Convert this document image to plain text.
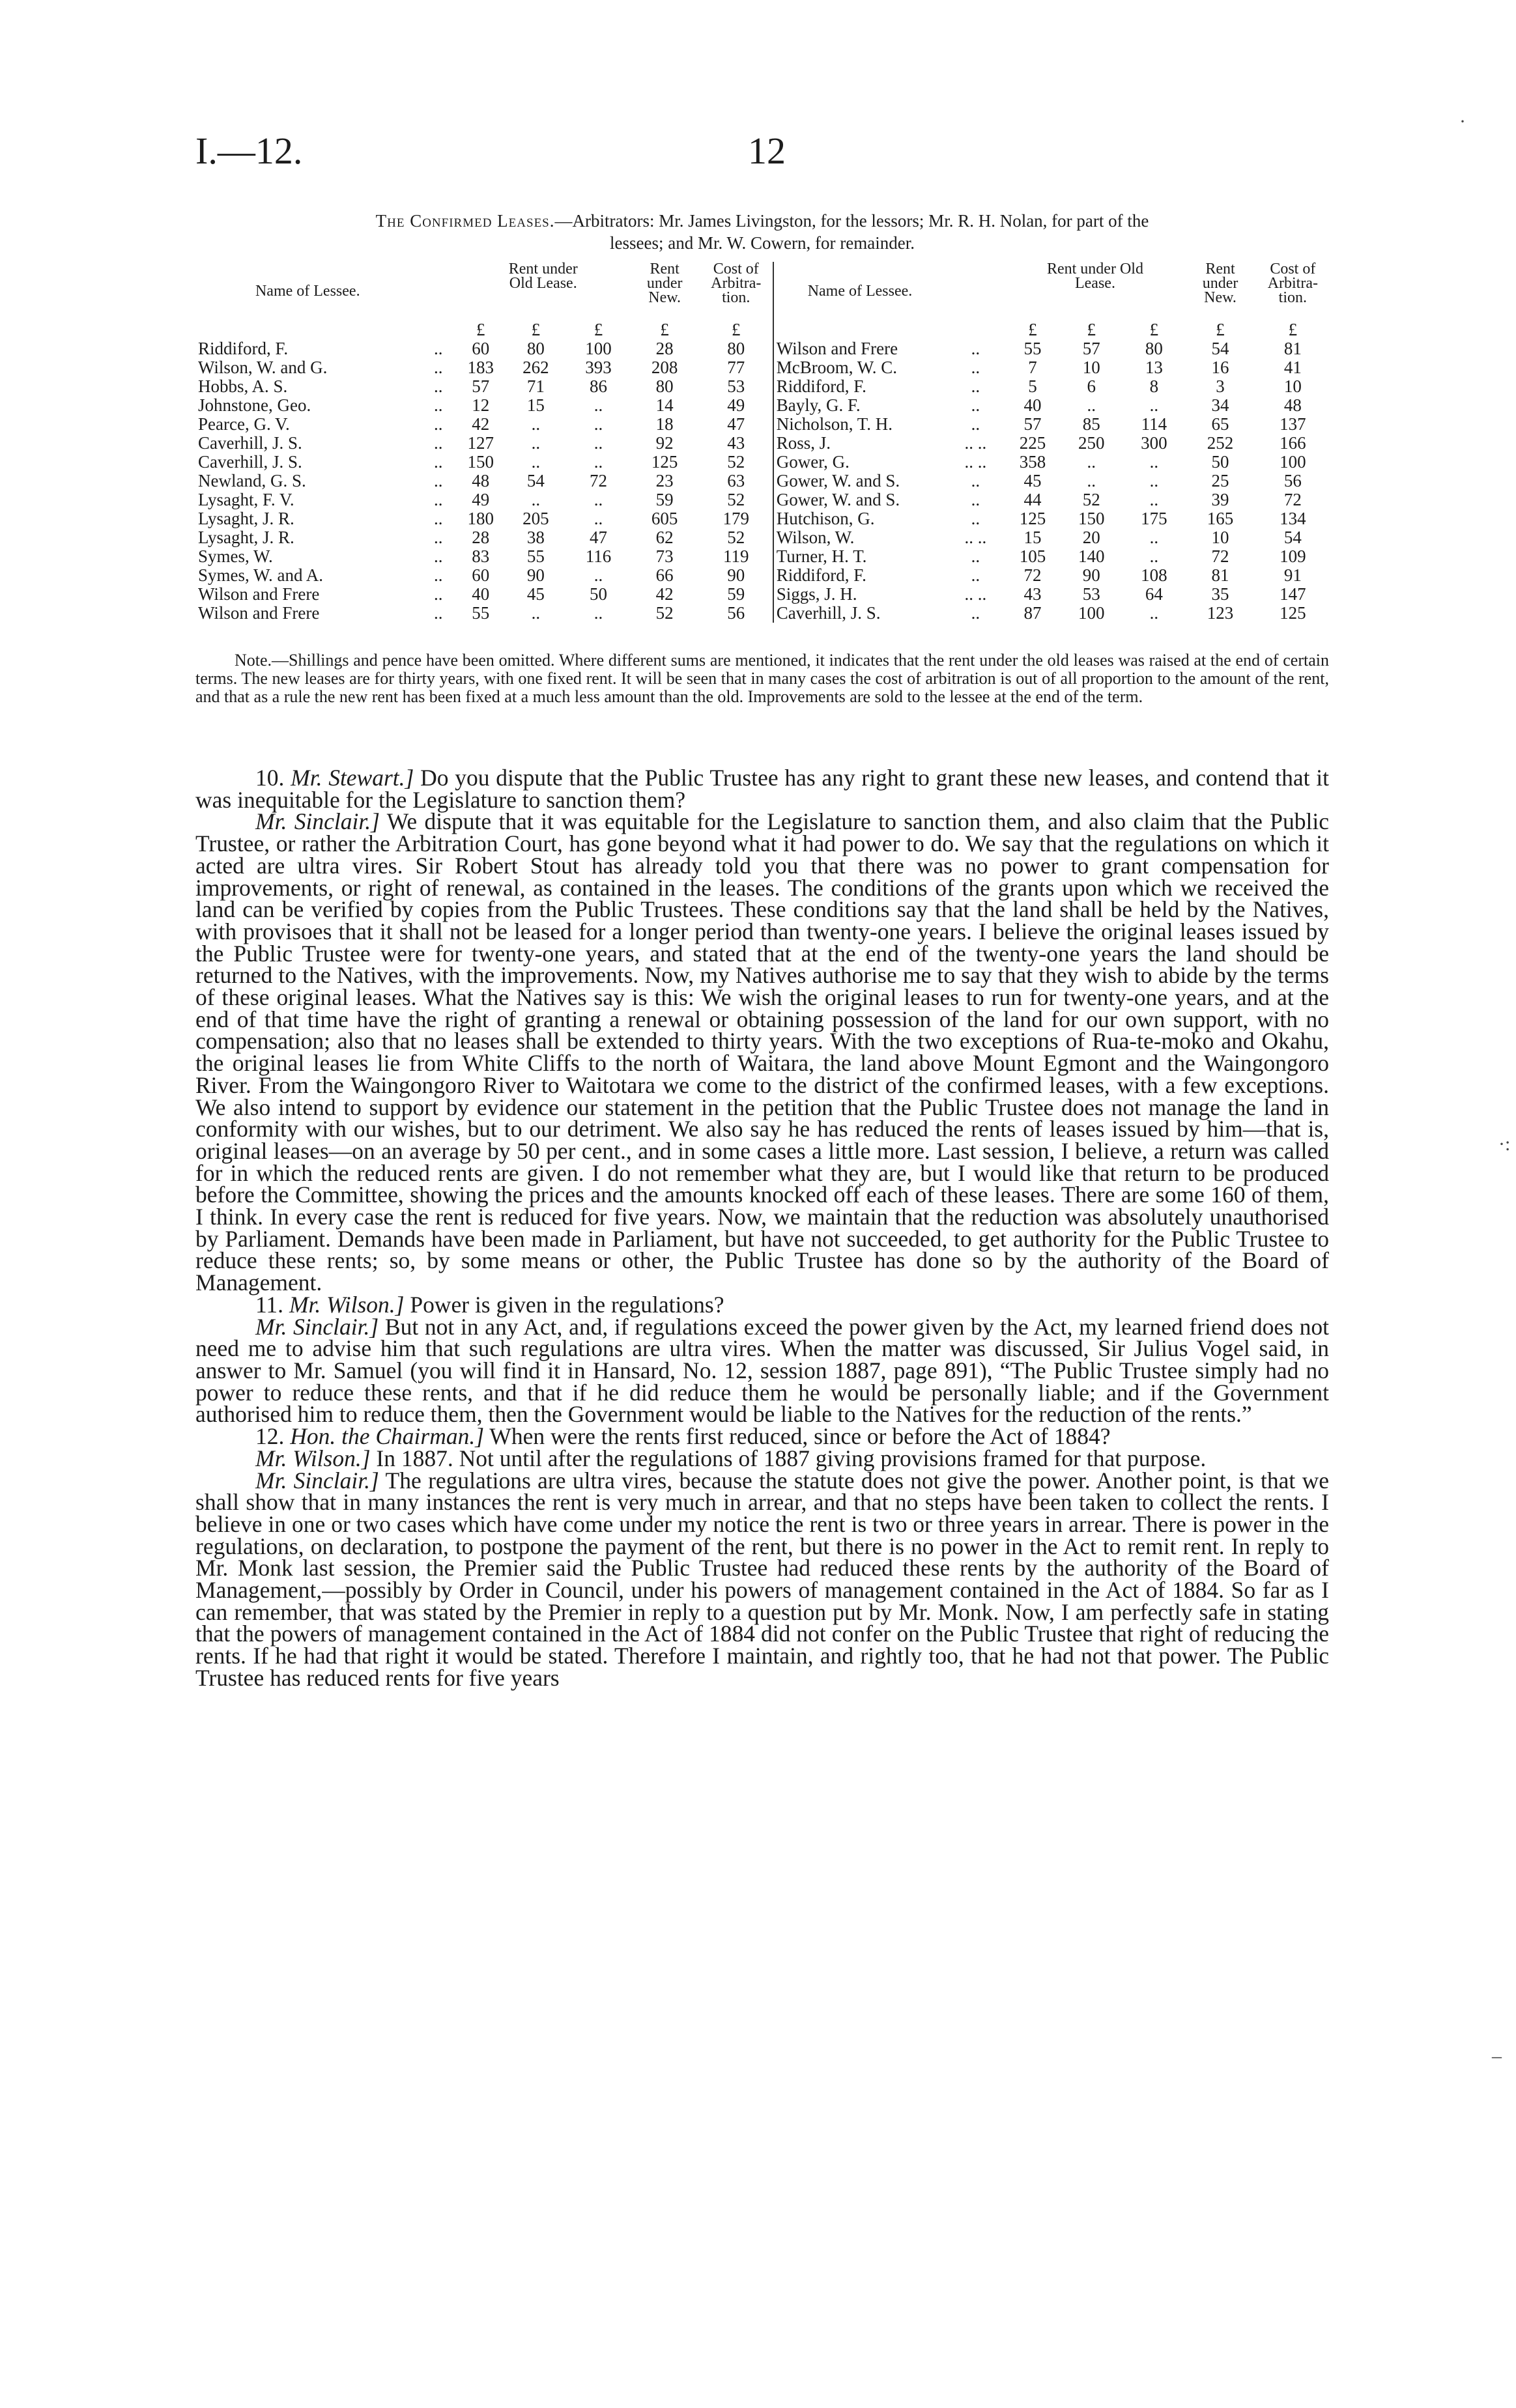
I.—12.	12
The Confirmed Leases.—Arbitrators: Mr. James Livingston, for the lessors; Mr. R. H. Nolan, for part of the
lessees; and Mr. W. Cowern, for remainder.
Name of Lessee.		Rent under Old Lease.			Rent under New.	Cost of Arbitra-tion.	Name of Lessee.		Rent under Old Lease.			Rent under New.	Cost of Arbitra-tion.
		£	£	£	£	£			£	£	£	£	£
Riddiford, F.	..	60	80	100	28	80	Wilson and Frere	..	55	57	80	54	81
Wilson, W. and G.	..	183	262	393	208	77	McBroom, W. C.	..	7	10	13	16	41
Hobbs, A. S.	..	57	71	86	80	53	Riddiford, F.	..	5	6	8	3	10
Johnstone, Geo.	..	12	15	..	14	49	Bayly, G. F.	..	40	..	..	34	48
Pearce, G. V.	..	42	..	..	18	47	Nicholson, T. H.	..	57	85	114	65	137
Caverhill, J. S.	..	127	..	..	92	43	Ross, J.	.. ..	225	250	300	252	166
Caverhill, J. S.	..	150	..	..	125	52	Gower, G.	.. ..	358	..	..	50	100
Newland, G. S.	..	48	54	72	23	63	Gower, W. and S.	..	45	..	..	25	56
Lysaght, F. V.	..	49	..	..	59	52	Gower, W. and S.	..	44	52	..	39	72
Lysaght, J. R.	..	180	205	..	605	179	Hutchison, G.	..	125	150	175	165	134
Lysaght, J. R.	..	28	38	47	62	52	Wilson, W.	.. ..	15	20	..	10	54
Symes, W.	..	83	55	116	73	119	Turner, H. T.	..	105	140	..	72	109
Symes, W. and A.	..	60	90	..	66	90	Riddiford, F.	..	72	90	108	81	91
Wilson and Frere	..	40	45	50	42	59	Siggs, J. H.	.. ..	43	53	64	35	147
Wilson and Frere	..	55	..	..	52	56	Caverhill, J. S.	..	87	100	..	123	125
Note.—Shillings and pence have been omitted. Where different sums are mentioned, it indicates that the rent under the old leases was raised at the end of certain terms. The new leases are for thirty years, with one fixed rent. It will be seen that in many cases the cost of arbitration is out of all proportion to the amount of the rent, and that as a rule the new rent has been fixed at a much less amount than the old. Improvements are sold to the lessee at the end of the term.

10. Mr. Stewart.] Do you dispute that the Public Trustee has any right to grant these new leases, and contend that it was inequitable for the Legislature to sanction them?

Mr. Sinclair.] We dispute that it was equitable for the Legislature to sanction them, and also claim that the Public Trustee, or rather the Arbitration Court, has gone beyond what it had power to do. We say that the regulations on which it acted are ultra vires. Sir Robert Stout has already told you that there was no power to grant compensation for improvements, or right of renewal, as contained in the leases. The conditions of the grants upon which we received the land can be verified by copies from the Public Trustees. These conditions say that the land shall be held by the Natives, with provisoes that it shall not be leased for a longer period than twenty-one years. I believe the original leases issued by the Public Trustee were for twenty-one years, and stated that at the end of the twenty-one years the land should be returned to the Natives, with the improvements. Now, my Natives authorise me to say that they wish to abide by the terms of these original leases. What the Natives say is this: We wish the original leases to run for twenty-one years, and at the end of that time have the right of granting a renewal or obtaining possession of the land for our own support, with no compensation; also that no leases shall be extended to thirty years. With the two exceptions of Rua-te-moko and Okahu, the original leases lie from White Cliffs to the north of Waitara, the land above Mount Egmont and the Waingongoro River. From the Waingongoro River to Waitotara we come to the district of the confirmed leases, with a few exceptions. We also intend to support by evidence our statement in the petition that the Public Trustee does not manage the land in conformity with our wishes, but to our detriment. We also say he has reduced the rents of leases issued by him—that is, original leases—on an average by 50 per cent., and in some cases a little more. Last session, I believe, a return was called for in which the reduced rents are given. I do not remember what they are, but I would like that return to be produced before the Committee, showing the prices and the amounts knocked off each of these leases. There are some 160 of them, I think. In every case the rent is reduced for five years. Now, we maintain that the reduction was absolutely unauthorised by Parliament. Demands have been made in Parliament, but have not succeeded, to get authority for the Public Trustee to reduce these rents; so, by some means or other, the Public Trustee has done so by the authority of the Board of Management.

11. Mr. Wilson.] Power is given in the regulations?

Mr. Sinclair.] But not in any Act, and, if regulations exceed the power given by the Act, my learned friend does not need me to advise him that such regulations are ultra vires. When the matter was discussed, Sir Julius Vogel said, in answer to Mr. Samuel (you will find it in Hansard, No. 12, session 1887, page 891), “The Public Trustee simply had no power to reduce these rents, and that if he did reduce them he would be personally liable; and if the Government authorised him to reduce them, then the Government would be liable to the Natives for the reduction of the rents.”

12. Hon. the Chairman.] When were the rents first reduced, since or before the Act of 1884?

Mr. Wilson.] In 1887. Not until after the regulations of 1887 giving provisions framed for that purpose.

Mr. Sinclair.] The regulations are ultra vires, because the statute does not give the power. Another point, is that we shall show that in many instances the rent is very much in arrear, and that no steps have been taken to collect the rents. I believe in one or two cases which have come under my notice the rent is two or three years in arrear. There is power in the regulations, on declaration, to postpone the payment of the rent, but there is no power in the Act to remit rent. In reply to Mr. Monk last session, the Premier said the Public Trustee had reduced these rents by the authority of the Board of Management,—possibly by Order in Council, under his powers of management contained in the Act of 1884. So far as I can remember, that was stated by the Premier in reply to a question put by Mr. Monk. Now, I am perfectly safe in stating that the powers of management contained in the Act of 1884 did not confer on the Public Trustee that right of reducing the rents. If he had that right it would be stated. Therefore I maintain, and rightly too, that he had not that power. The Public Trustee has reduced rents for five years

·
·:
–
